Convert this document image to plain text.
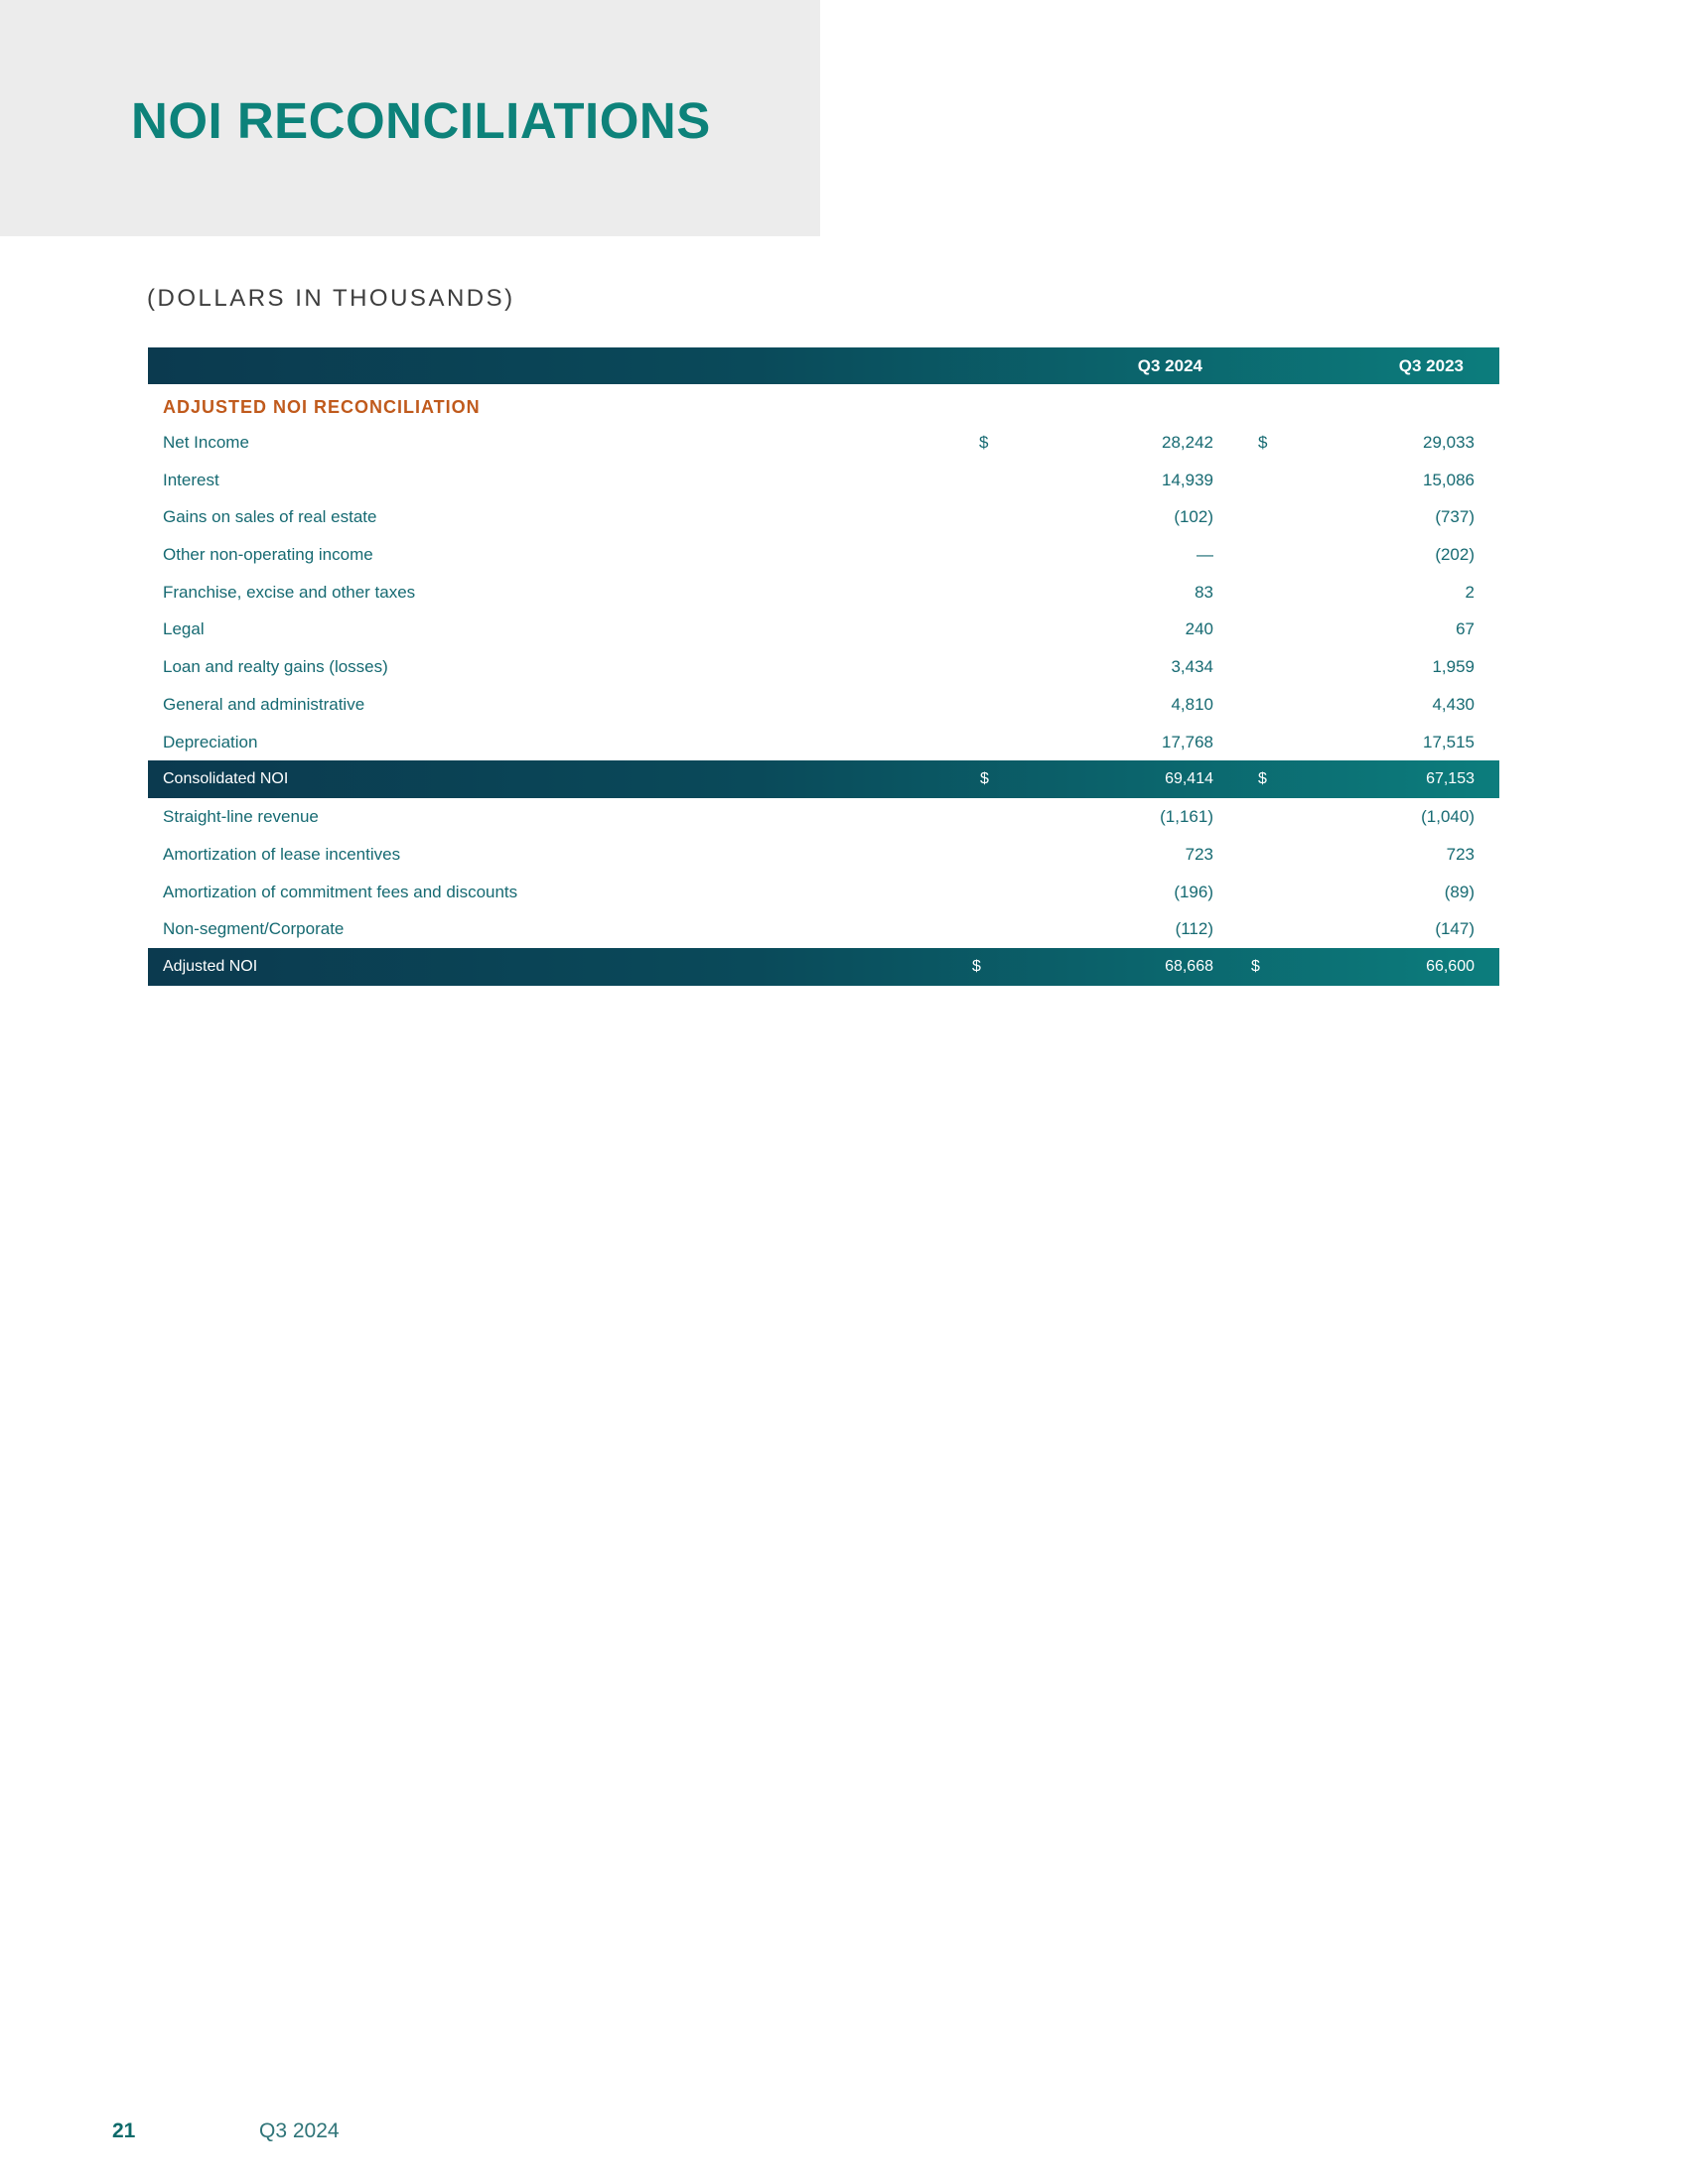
NOI RECONCILIATIONS
(DOLLARS IN THOUSANDS)
Q3 2024	Q3 2023
ADJUSTED NOI RECONCILIATION
Net Income	$	28,242	$	29,033
Interest	14,939	15,086
Gains on sales of real estate	(102)	(737)
Other non-operating income	—	(202)
Franchise, excise and other taxes	83	2
Legal	240	67
Loan and realty gains (losses)	3,434	1,959
General and administrative	4,810	4,430
Depreciation	17,768	17,515
Consolidated NOI	$	69,414	$	67,153
Straight-line revenue	(1,161)	(1,040)
Amortization of lease incentives	723	723
Amortization of commitment fees and discounts	(196)	(89)
Non-segment/Corporate	(112)	(147)
Adjusted NOI	$	68,668 $	66,600
21	Q3 2024
